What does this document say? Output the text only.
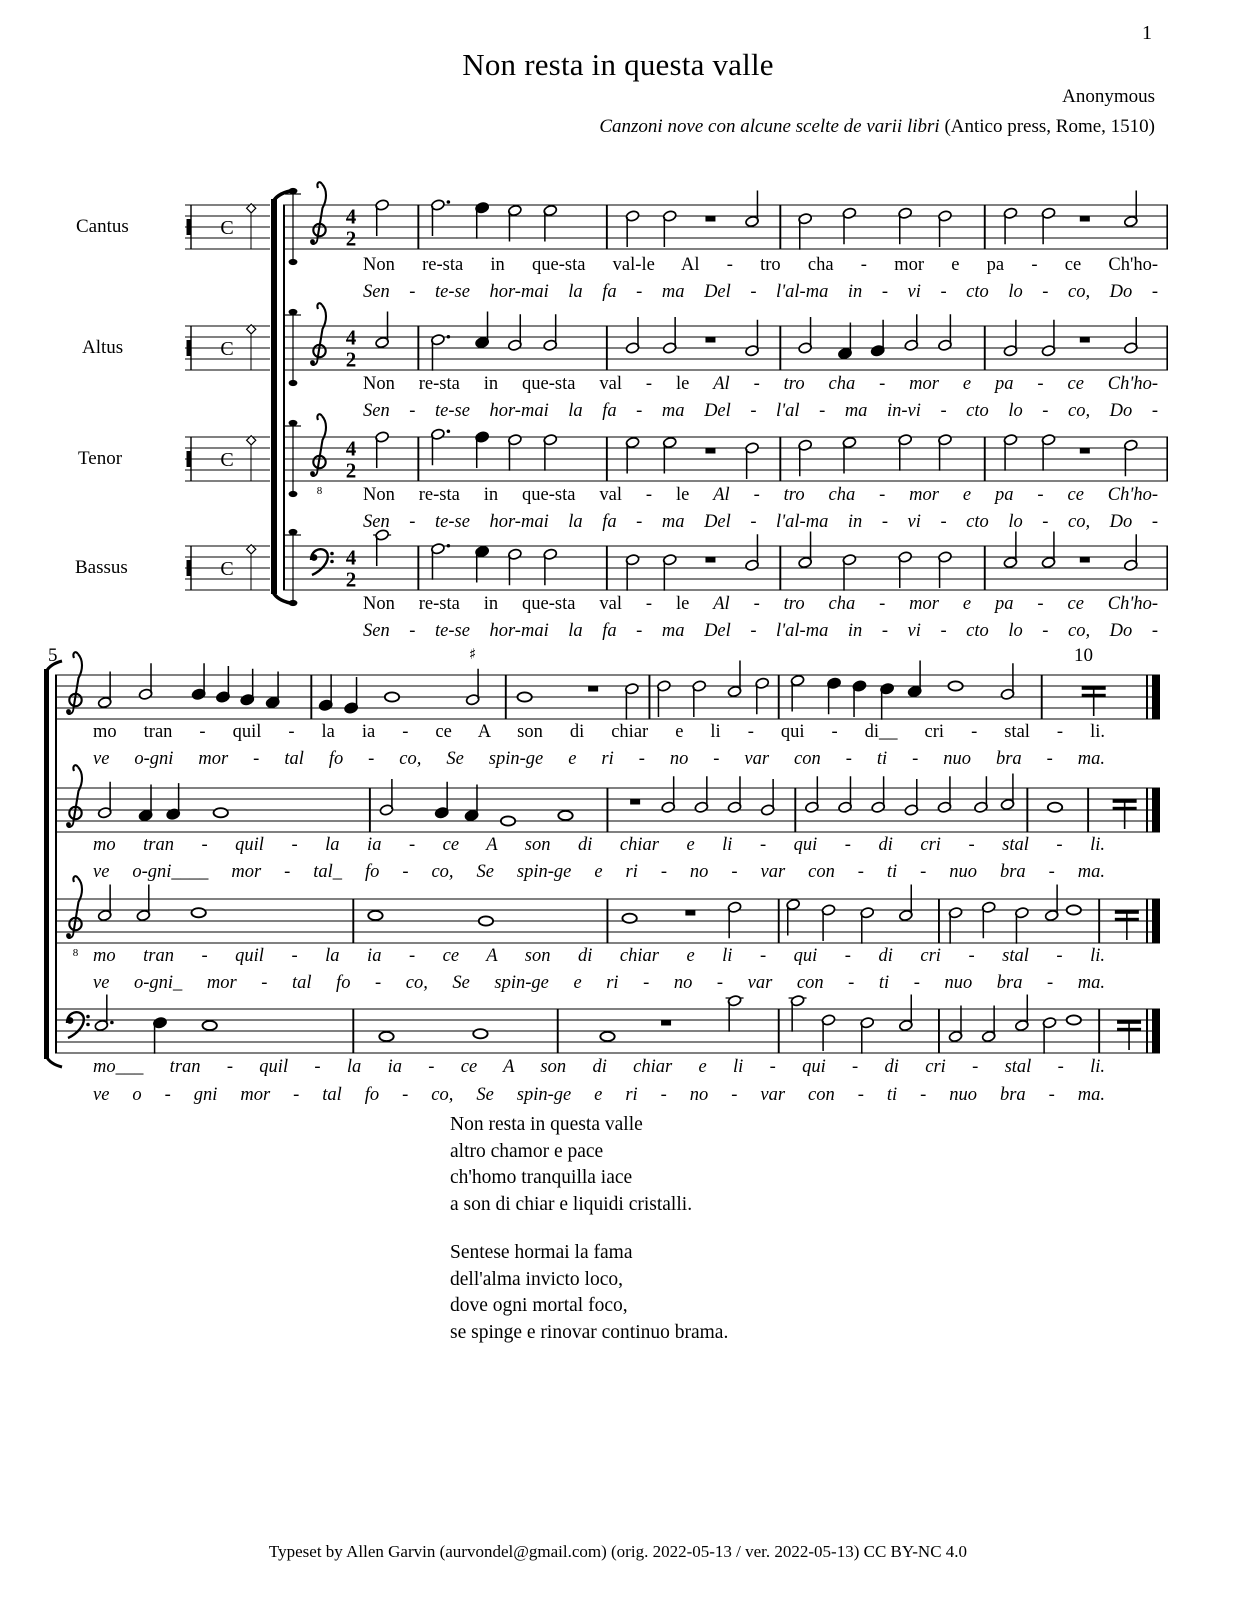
1
Non resta in questa valle
Anonymous
Canzoni nove con alcune scelte de varii libri (Antico press, Rome, 1510)
Cantus
Altus
Tenor
Bassus
5	10
C
C
C
C
4
2
4
2
8
4
2
4
2
♯
8
Non re-sta in que-sta val-le Al - tro cha - mor e pa - ce Ch'ho-
Sen - te-se hor-mai la fa - ma Del - l'al-ma in - vi - cto lo - co, Do -
Non re-sta in que-sta val - le Al - tro cha - mor e pa - ce Ch'ho-
Sen - te-se hor-mai la fa - ma Del - l'al - ma in-vi - cto lo - co, Do -
Non re-sta in que-sta val - le Al - tro cha - mor e pa - ce Ch'ho-
Sen - te-se hor-mai la fa - ma Del - l'al-ma in - vi - cto lo - co, Do -
Non re-sta in que-sta val - le Al - tro cha - mor e pa - ce Ch'ho-
Sen - te-se hor-mai la fa - ma Del - l'al-ma in - vi - cto lo - co, Do -
mo tran - quil - la ia - ce A son di chiar e li - qui - di__ cri - stal - li.
ve o-gni mor - tal fo - co, Se spin-ge e ri - no - var con - ti - nuo bra - ma.
mo tran - quil - la ia - ce A son di chiar e li - qui - di cri - stal - li.
ve o-gni____ mor - tal_ fo - co, Se spin-ge e ri - no - var con - ti - nuo bra - ma.
mo tran - quil - la ia - ce A son di chiar e li - qui - di cri - stal - li.
ve o-gni_ mor - tal fo - co, Se spin-ge e ri - no - var con - ti - nuo bra - ma.
mo___ tran - quil - la ia - ce A son di chiar e li - qui - di cri - stal - li.
ve o - gni mor - tal fo - co, Se spin-ge e ri - no - var con - ti - nuo bra - ma.
Non resta in questa valle
altro chamor e pace
ch'homo tranquilla iace
a son di chiar e liquidi cristalli.
Sentese hormai la fama
dell'alma invicto loco,
dove ogni mortal foco,
se spinge e rinovar continuo brama.
Typeset by Allen Garvin (aurvondel@gmail.com) (orig. 2022-05-13 / ver. 2022-05-13) CC BY-NC 4.0
